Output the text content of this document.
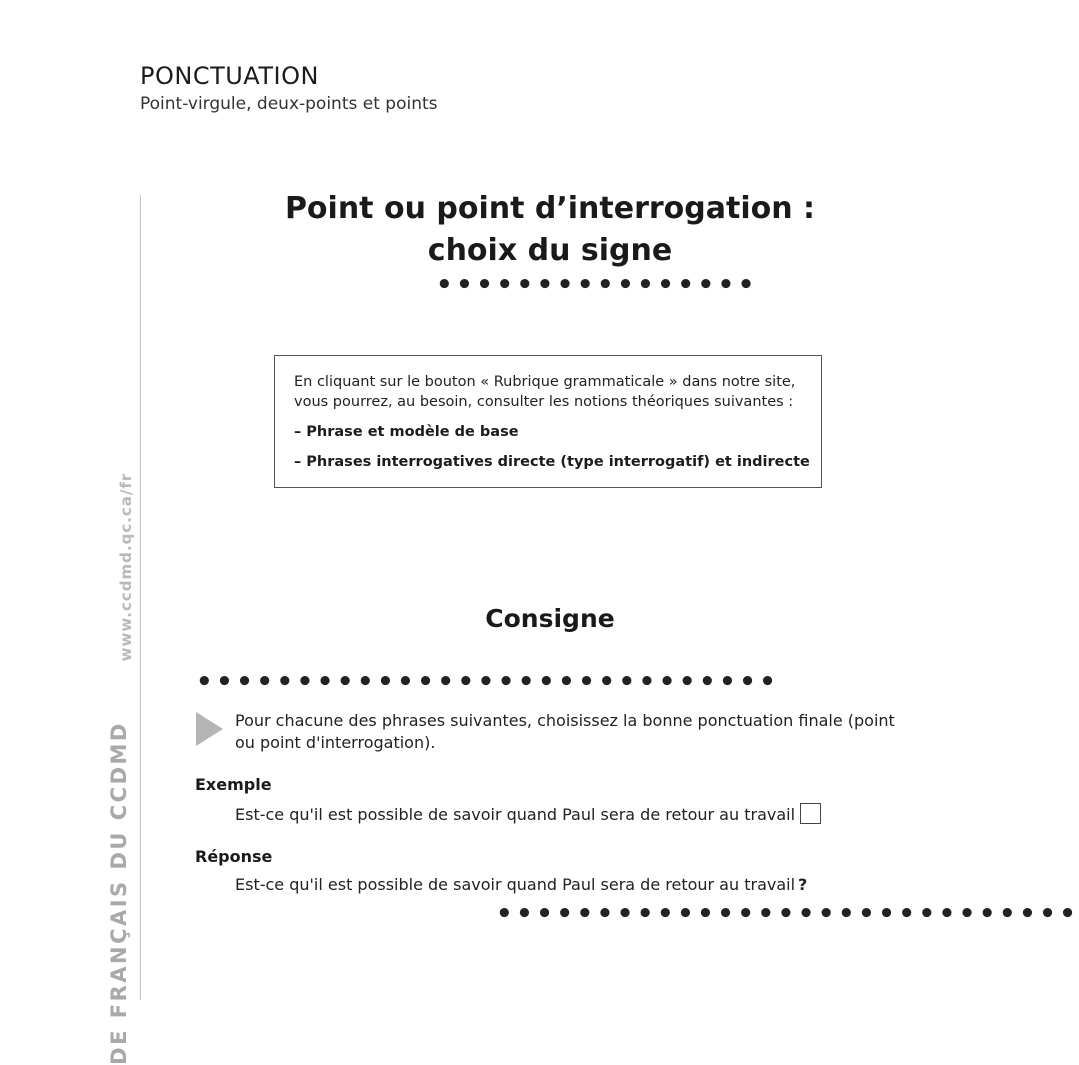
PONCTUATION
Point-virgule, deux-points et points
www.ccdmd.qc.ca/fr
DE FRANÇAIS DU CCDMD
Point ou point d’interrogation :
choix du signe
••••••••••••••••
En cliquant sur le bouton « Rubrique grammaticale » dans notre site,
vous pourrez, au besoin, consulter les notions théoriques suivantes :
– Phrase et modèle de base
– Phrases interrogatives directe (type interrogatif) et indirecte
Consigne
•••••••••••••••••••••••••••••
Pour chacune des phrases suivantes, choisissez la bonne ponctuation finale (point ou point d'interrogation).
Exemple
Est-ce qu'il est possible de savoir quand Paul sera de retour au travail
Réponse
Est-ce qu'il est possible de savoir quand Paul sera de retour au travail ?
•••••••••••••••••••••••••••••
